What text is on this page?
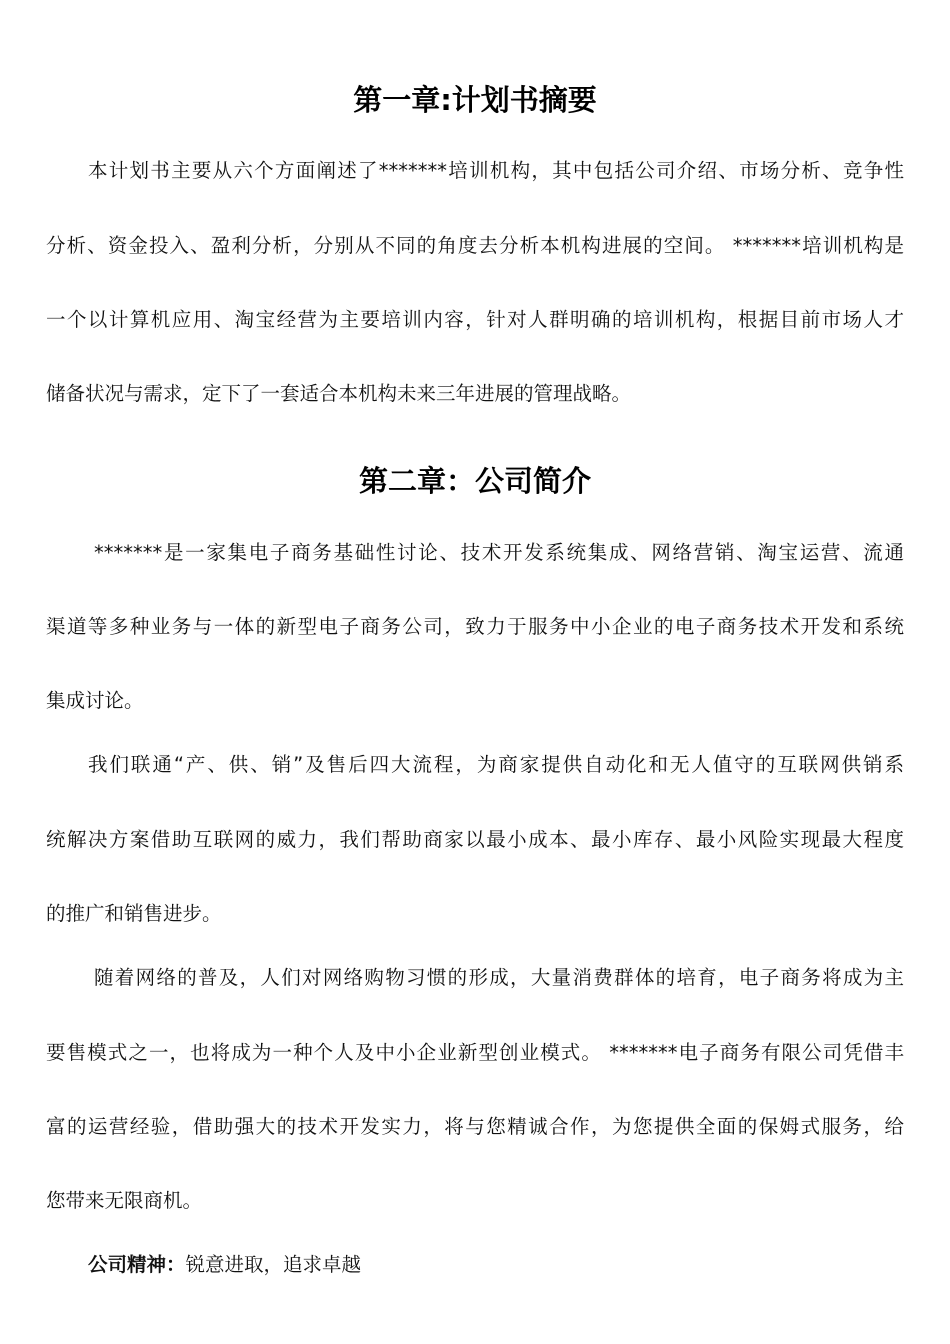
第一章:计划书摘要
本计划书主要从六个方面阐述了*******培训机构，其中包括公司介绍、市场分析、竞争性
分析、资金投入、盈利分析，分别从不同的角度去分析本机构进展的空间。 *******培训机构是
一个以计算机应用、淘宝经营为主要培训内容，针对人群明确的培训机构，根据目前市场人才
储备状况与需求，定下了一套适合本机构未来三年进展的管理战略。
第二章：公司简介
*******是一家集电子商务基础性讨论、技术开发系统集成、网络营销、淘宝运营、流通
渠道等多种业务与一体的新型电子商务公司，致力于服务中小企业的电子商务技术开发和系统
集成讨论。
我们联通“产、供、销”及售后四大流程，为商家提供自动化和无人值守的互联网供销系
统解决方案借助互联网的威力，我们帮助商家以最小成本、最小库存、最小风险实现最大程度
的推广和销售进步。
随着网络的普及，人们对网络购物习惯的形成，大量消费群体的培育，电子商务将成为主
要售模式之一，也将成为一种个人及中小企业新型创业模式。 *******电子商务有限公司凭借丰
富的运营经验，借助强大的技术开发实力，将与您精诚合作，为您提供全面的保姆式服务，给
您带来无限商机。
公司精神：锐意进取，追求卓越
